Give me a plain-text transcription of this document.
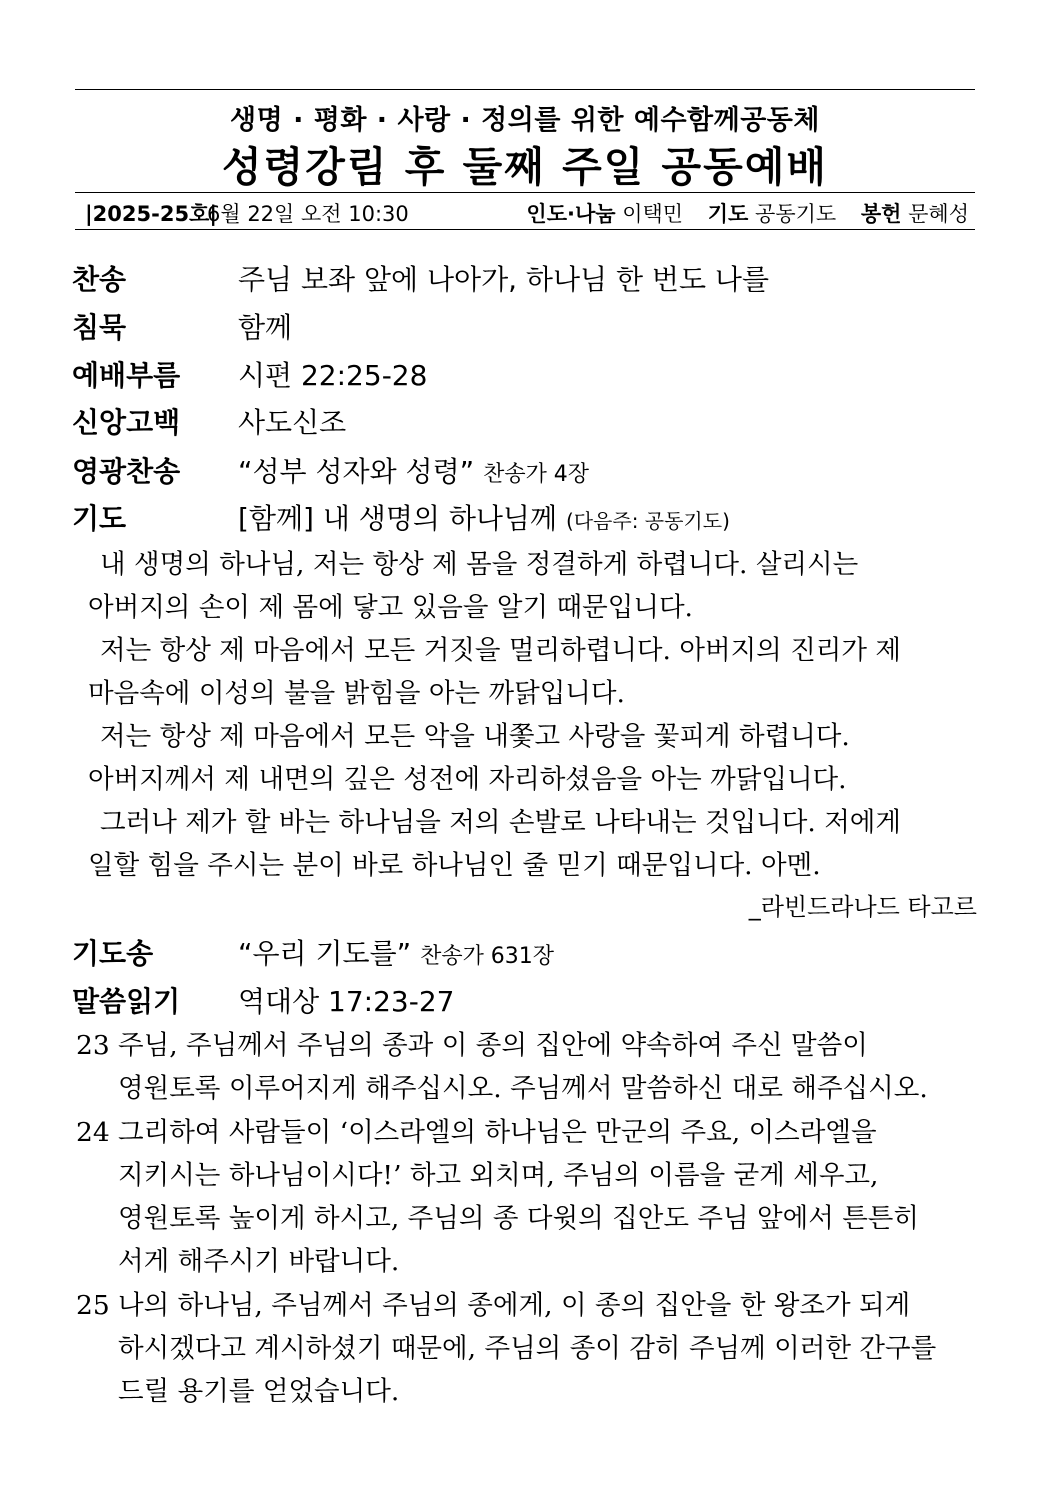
생명 · 평화 · 사랑 · 정의를 위한 예수함께공동체
성령강림 후 둘째 주일 공동예배
|2025-25호|
6월 22일 오전 10:30	인도·나눔 이택민 기도 공동기도 봉헌 문혜성
찬송	주님 보좌 앞에 나아가, 하나님 한 번도 나를
침묵	함께
예배부름 시편 22:25-28
신앙고백 사도신조
영광찬송 “성부 성자와 성령” 찬송가 4장
기도	[함께] 내 생명의 하나님께 (다음주: 공동기도)

내 생명의 하나님, 저는 항상 제 몸을 정결하게 하렵니다. 살리시는

아버지의 손이 제 몸에 닿고 있음을 알기 때문입니다.

저는 항상 제 마음에서 모든 거짓을 멀리하렵니다. 아버지의 진리가 제

마음속에 이성의 불을 밝힘을 아는 까닭입니다.

저는 항상 제 마음에서 모든 악을 내쫓고 사랑을 꽃피게 하렵니다.

아버지께서 제 내면의 깊은 성전에 자리하셨음을 아는 까닭입니다.

그러나 제가 할 바는 하나님을 저의 손발로 나타내는 것입니다. 저에게

일할 힘을 주시는 분이 바로 하나님인 줄 믿기 때문입니다. 아멘.

_라빈드라나드 타고르
기도송	“우리 기도를” 찬송가 631장
말씀읽기 역대상 17:23-27
23 주님, 주님께서 주님의 종과 이 종의 집안에 약속하여 주신 말씀이
영원토록 이루어지게 해주십시오. 주님께서 말씀하신 대로 해주십시오.
24 그리하여 사람들이 ‘이스라엘의 하나님은 만군의 주요, 이스라엘을
지키시는 하나님이시다!’ 하고 외치며, 주님의 이름을 굳게 세우고,
영원토록 높이게 하시고, 주님의 종 다윗의 집안도 주님 앞에서 튼튼히
서게 해주시기 바랍니다.
25 나의 하나님, 주님께서 주님의 종에게, 이 종의 집안을 한 왕조가 되게
하시겠다고 계시하셨기 때문에, 주님의 종이 감히 주님께 이러한 간구를
드릴 용기를 얻었습니다.
